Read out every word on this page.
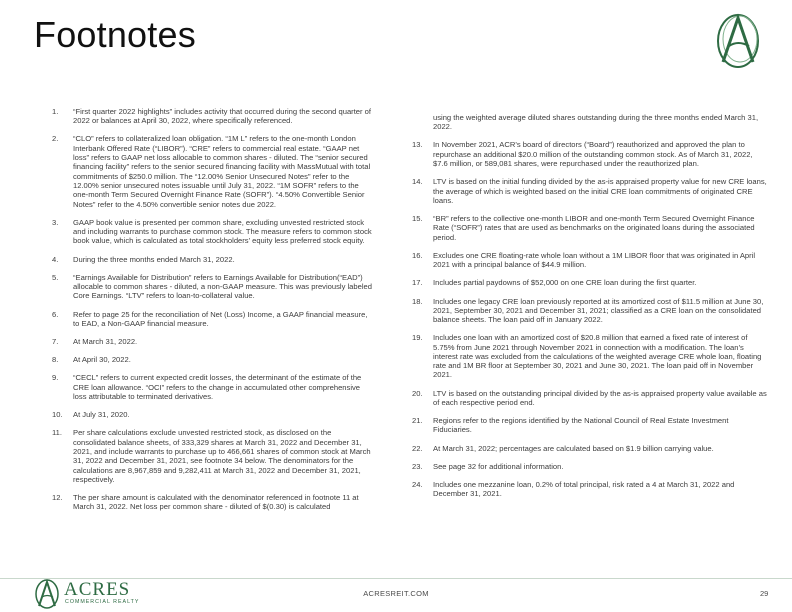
Footnotes
1.	“First quarter 2022 highlights” includes activity that occurred during the second quarter of 2022 or balances at April 30, 2022, where specifically referenced.
2.	“CLO” refers to collateralized loan obligation. “1M L” refers to the one-month London Interbank Offered Rate (“LIBOR”). “CRE” refers to commercial real estate. “GAAP net loss” refers to GAAP net loss allocable to common shares - diluted. The “senior secured financing facility” refers to the senior secured financing facility with MassMutual with total commitments of $250.0 million. The “12.00% Senior Unsecured Notes” refer to the 12.00% senior unsecured notes issuable until July 31, 2022. “1M SOFR” refers to the one-month Term Secured Overnight Finance Rate (SOFR”). “4.50% Convertible Senior Notes” refer to the 4.50% convertible senior notes due 2022.
3.	GAAP book value is presented per common share, excluding unvested restricted stock and including warrants to purchase common stock. The measure refers to common stock book value, which is calculated as total stockholders’ equity less preferred stock equity.
4.	During the three months ended March 31, 2022.
5.	“Earnings Available for Distribution” refers to Earnings Available for Distribution(“EAD”) allocable to common shares - diluted, a non-GAAP measure. This was previously labeled Core Earnings. “LTV” refers to loan-to-collateral value.
6.	Refer to page 25 for the reconciliation of Net (Loss) Income, a GAAP financial measure, to EAD, a Non-GAAP financial measure.
7.	At March 31, 2022.
8.	At April 30, 2022.
9.	“CECL” refers to current expected credit losses, the determinant of the estimate of the CRE loan allowance. “OCI” refers to the change in accumulated other comprehensive loss attributable to terminated derivatives.
10.	At July 31, 2020.
11.	Per share calculations exclude unvested restricted stock, as disclosed on the consolidated balance sheets, of 333,329 shares at March 31, 2022 and December 31, 2021, and include warrants to purchase up to 466,661 shares of common stock at March 31, 2022 and December 31, 2021, see footnote 34 below. The denominators for the calculations are 8,967,859 and 9,282,411 at March 31, 2022 and December 31, 2021, respectively.
12.	The per share amount is calculated with the denominator referenced in footnote 11 at March 31, 2022. Net loss per common share - diluted of $(0.30) is calculated
using the weighted average diluted shares outstanding during the three months ended March 31, 2022.
13.	In November 2021, ACR’s board of directors (“Board”) reauthorized and approved the plan to repurchase an additional $20.0 million of the outstanding common stock. As of March 31, 2022, $7.6 million, or 589,081 shares, were repurchased under the reauthorized plan.
14.	LTV is based on the initial funding divided by the as-is appraised property value for new CRE loans, the average of which is weighted based on the initial CRE loan commitments of originated CRE loans.
15.	“BR” refers to the collective one-month LIBOR and one-month Term Secured Overnight Finance Rate (“SOFR”) rates that are used as benchmarks on the originated loans during the associated period.
16.	Excludes one CRE floating-rate whole loan without a 1M LIBOR floor that was originated in April 2021 with a principal balance of $44.9 million.
17.	Includes partial paydowns of $52,000 on one CRE loan during the first quarter.
18.	Includes one legacy CRE loan previously reported at its amortized cost of $11.5 million at June 30, 2021, September 30, 2021 and December 31, 2021; classified as a CRE loan on the consolidated balance sheets. The loan paid off in January 2022.
19.	Includes one loan with an amortized cost of $20.8 million that earned a fixed rate of interest of 5.75% from June 2021 through November 2021 in connection with a modification. The loan’s interest rate was excluded from the calculations of the weighted average CRE whole loan, floating rate and 1M BR floor at September 30, 2021 and June 30, 2021. The loan paid off in November 2021.
20.	LTV is based on the outstanding principal divided by the as-is appraised property value available as of each respective period end.
21.	Regions refer to the regions identified by the National Council of Real Estate Investment Fiduciaries.
22.	At March 31, 2022; percentages are calculated based on $1.9 billion carrying value.
23.	See page 32 for additional information.
24.	Includes one mezzanine loan, 0.2% of total principal, risk rated a 4 at March 31, 2022 and December 31, 2021.
ACRES
COMMERCIAL REALTY
ACRESREIT.COM	29
